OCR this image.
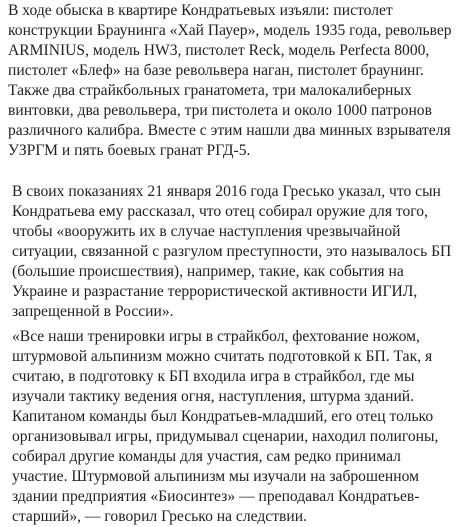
В ходе обыска в квартире Кондратьевых изъяли: пистолет
конструкции Браунинга «Хай Пауер», модель 1935 года, револьвер
ARMINIUS, модель HW3, пистолет Reck, модель Perfecta 8000,
пистолет «Блеф» на базе револьвера наган, пистолет браунинг.
Также два страйкбольных гранатомета, три малокалиберных
винтовки, два револьвера, три пистолета и около 1000 патронов
различного калибра. Вместе с этим нашли два минных взрывателя
УЗРГМ и пять боевых гранат РГД-5.

В своих показаниях 21 января 2016 года Гресько указал, что сын
Кондратьева ему рассказал, что отец собирал оружие для того,
чтобы «вооружить их в случае наступления чрезвычайной
ситуации, связанной с разгулом преступности, это называлось БП
(большие происшествия), например, такие, как события на
Украине и разрастание террористической активности ИГИЛ,
запрещенной в России».

«Все наши тренировки игры в страйкбол, фехтование ножом,
штурмовой альпинизм можно считать подготовкой к БП. Так, я
считаю, в подготовку к БП входила игра в страйкбол, где мы
изучали тактику ведения огня, наступления, штурма зданий.
Капитаном команды был Кондратьев-младший, его отец только
организовывал игры, придумывал сценарии, находил полигоны,
собирал другие команды для участия, сам редко принимал
участие. Штурмовой альпинизм мы изучали на заброшенном
здании предприятия «Биосинтез» — преподавал Кондратьев-
старший», — говорил Гресько на следствии.
